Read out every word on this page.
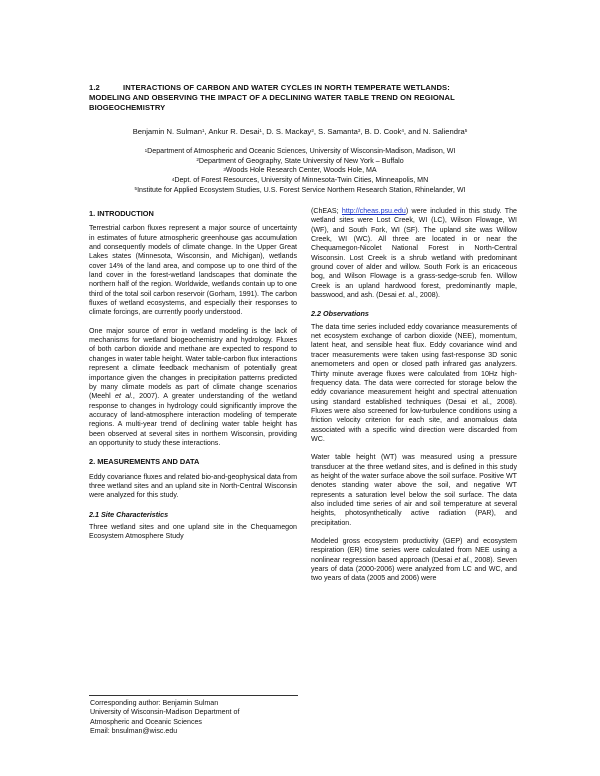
1.2	INTERACTIONS OF CARBON AND WATER CYCLES IN NORTH TEMPERATE WETLANDS:
MODELING AND OBSERVING THE IMPACT OF A DECLINING WATER TABLE TREND ON REGIONAL
BIOGEOCHEMISTRY
Benjamin N. Sulman$^1$, Ankur R. Desai$^1$, D. S. Mackay$^2$, S. Samanta$^3$, B. D. Cook$^4$, and N. Saliendra$^5$
$^1$Department of Atmospheric and Oceanic Sciences, University of Wisconsin-Madison, Madison, WI
$^2$Department of Geography, State University of New York – Buffalo
$^3$Woods Hole Research Center, Woods Hole, MA
$^4$Dept. of Forest Resources, University of Minnesota-Twin Cities, Minneapolis, MN
$^5$Institute for Applied Ecosystem Studies, U.S. Forest Service Northern Research Station, Rhinelander, WI
1. INTRODUCTION

Terrestrial carbon fluxes represent a major source of uncertainty in estimates of future atmospheric greenhouse gas accumulation and consequently models of climate change. In the Upper Great Lakes states (Minnesota, Wisconsin, and Michigan), wetlands cover 14% of the land area, and compose up to one third of the land cover in the forest-wetland landscapes that dominate the northern half of the region. Worldwide, wetlands contain up to one third of the total soil carbon reservoir (Gorham, 1991). The carbon fluxes of wetland ecosystems, and especially their responses to climate forcings, are currently poorly understood.

One major source of error in wetland modeling is the lack of mechanisms for wetland biogeochemistry and hydrology. Fluxes of both carbon dioxide and methane are expected to respond to changes in water table height. Water table-carbon flux interactions represent a climate feedback mechanism of potentially great importance given the changes in precipitation patterns predicted by many climate models as part of climate change scenarios (Meehl et al., 2007). A greater understanding of the wetland response to changes in hydrology could significantly improve the accuracy of land-atmosphere interaction modeling of temperate regions. A multi-year trend of declining water table height has been observed at several sites in northern Wisconsin, providing an opportunity to study these interactions.

2. MEASUREMENTS AND DATA

Eddy covariance fluxes and related bio-and-geophysical data from three wetland sites and an upland site in North-Central Wisconsin were analyzed for this study.

2.1 Site Characteristics

Three wetland sites and one upland site in the Chequamegon Ecosystem Atmosphere Study

Corresponding author: Benjamin Sulman
University of Wisconsin-Madison Department of
Atmospheric and Oceanic Sciences
Email: bnsulman@wisc.edu

(ChEAS; http://cheas.psu.edu) were included in this study. The wetland sites were Lost Creek, WI (LC), Wilson Flowage, WI (WF), and South Fork, WI (SF). The upland site was Willow Creek, WI (WC). All three are located in or near the Chequamegon-Nicolet National Forest in North-Central Wisconsin. Lost Creek is a shrub wetland with predominant ground cover of alder and willow. South Fork is an ericaceous bog, and Wilson Flowage is a grass-sedge-scrub fen. Willow Creek is an upland hardwood forest, predominantly maple, basswood, and ash. (Desai et. al., 2008).

2.2 Observations

The data time series included eddy covariance measurements of net ecosystem exchange of carbon dioxide (NEE), momentum, latent heat, and sensible heat flux. Eddy covariance wind and tracer measurements were taken using fast-response 3D sonic anemometers and open or closed path infrared gas analyzers. Thirty minute average fluxes were calculated from 10Hz high-frequency data. The data were corrected for storage below the eddy covariance measurement height and spectral attenuation using standard established techniques (Desai et al., 2008). Fluxes were also screened for low-turbulence conditions using a friction velocity criterion for each site, and anomalous data associated with a specific wind direction were discarded from WC.

Water table height (WT) was measured using a pressure transducer at the three wetland sites, and is defined in this study as height of the water surface above the soil surface. Positive WT denotes standing water above the soil, and negative WT represents a saturation level below the soil surface. The data also included time series of air and soil temperature at several heights, photosynthetically active radiation (PAR), and precipitation.

Modeled gross ecosystem productivity (GEP) and ecosystem respiration (ER) time series were calculated from NEE using a nonlinear regression based approach (Desai et al., 2008). Seven years of data (2000-2006) were analyzed from LC and WC, and two years of data (2005 and 2006) were
